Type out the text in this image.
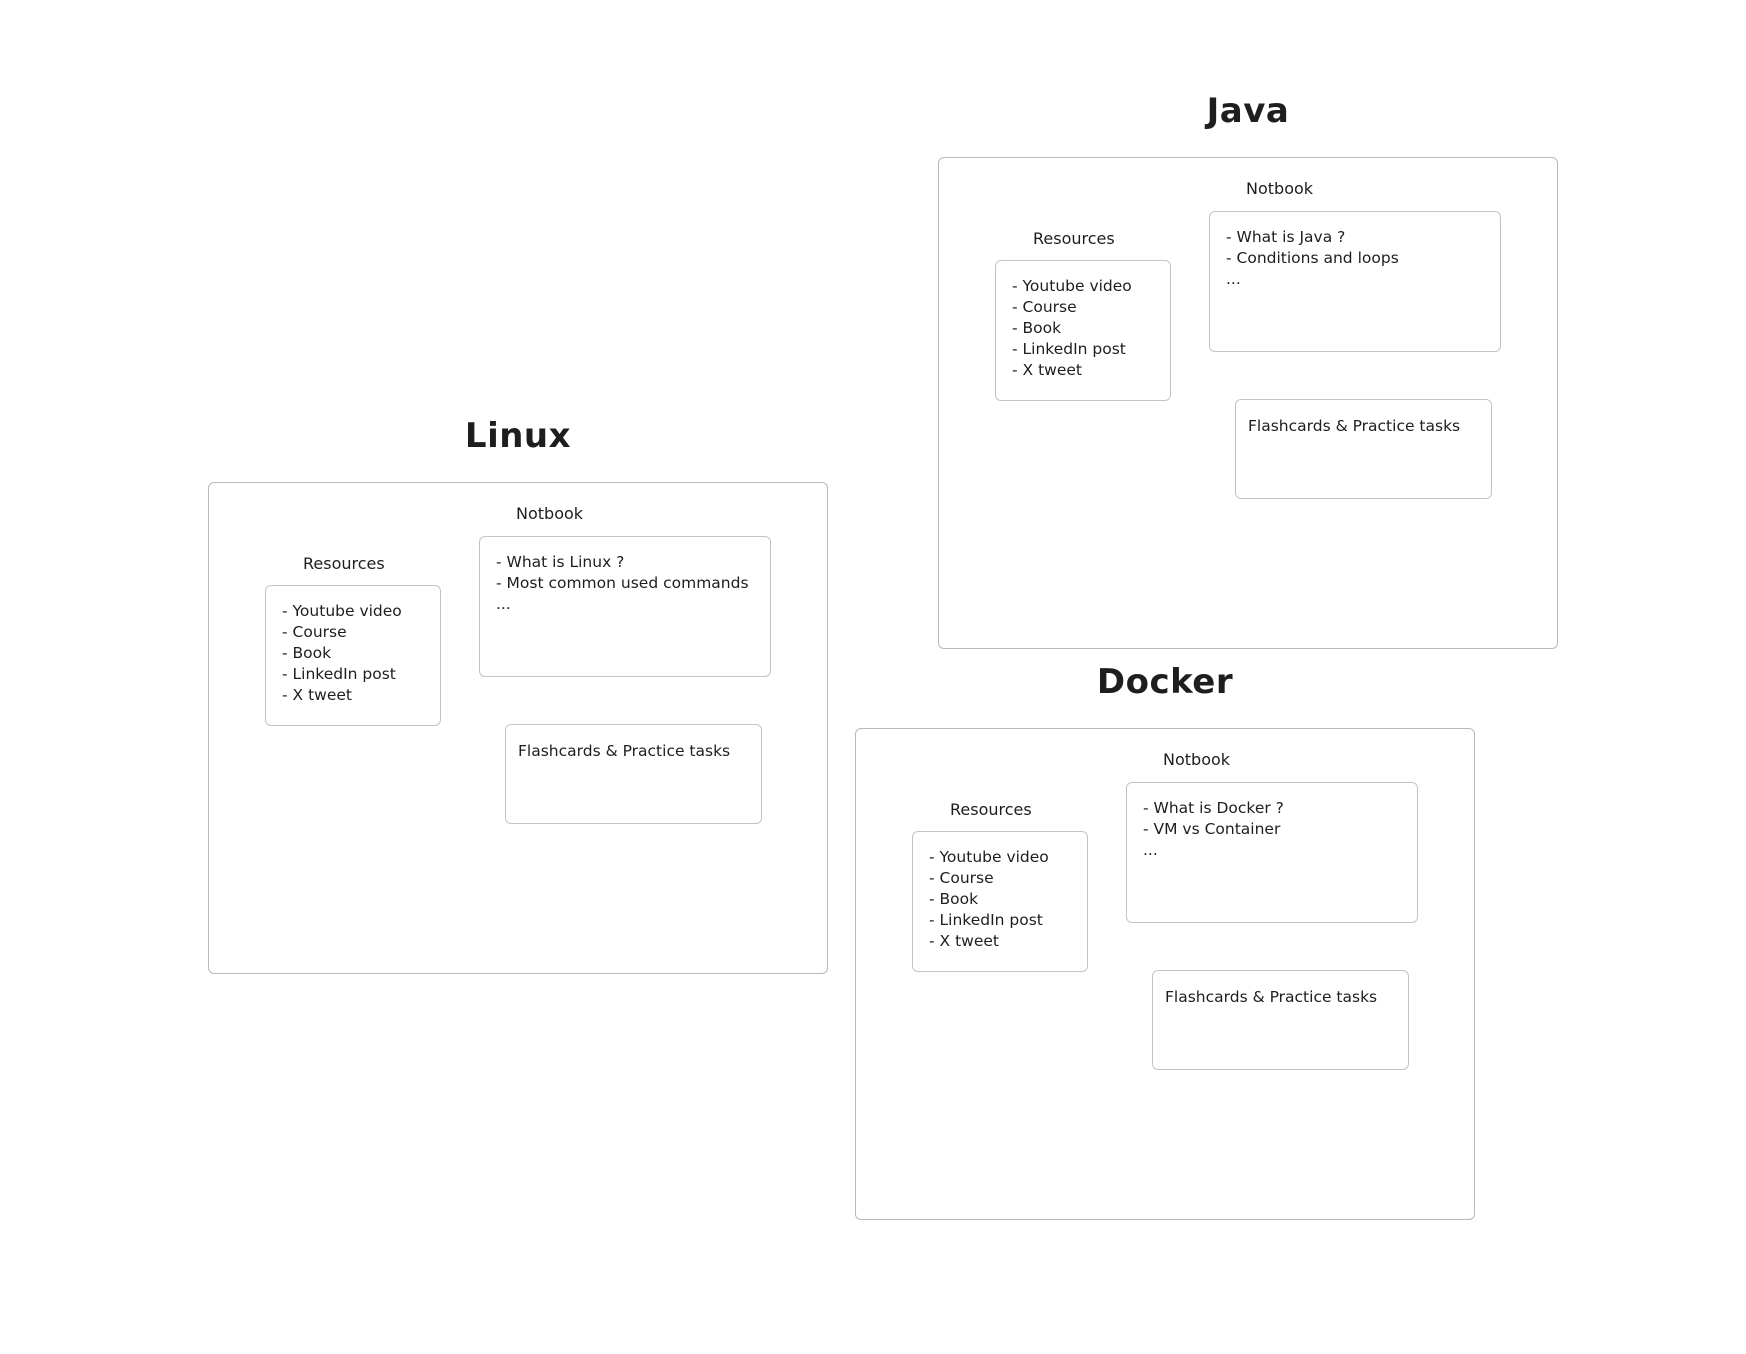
Linux
Notbook
Resources
- Youtube video
- Course
- Book
- LinkedIn post
- X tweet
- What is Linux ?
- Most common used commands
...
Flashcards & Practice tasks
Java
Notbook
Resources
- Youtube video
- Course
- Book
- LinkedIn post
- X tweet
- What is Java ?
- Conditions and loops
...
Flashcards & Practice tasks
Docker
Notbook
Resources
- Youtube video
- Course
- Book
- LinkedIn post
- X tweet
- What is Docker ?
- VM vs Container
...
Flashcards & Practice tasks
